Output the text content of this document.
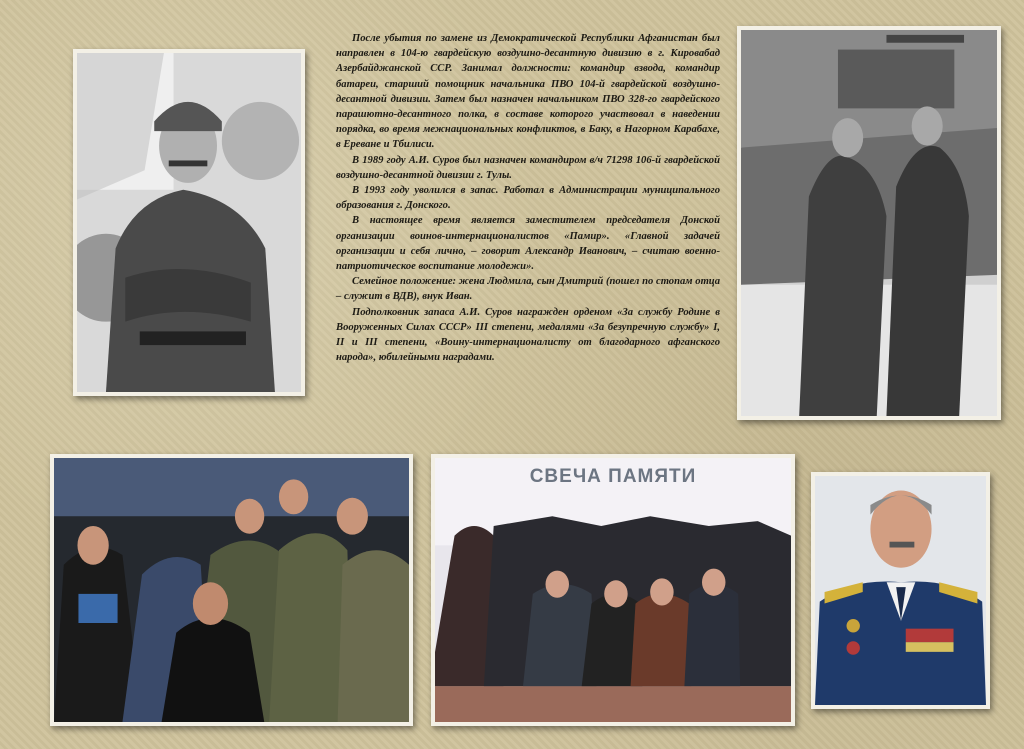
После убытия по замене из Демократической Республики Афганистан был направлен в 104-ю гвардейскую воздушно-десантную дивизию в г. Кировабад Азербайджанской ССР. Занимал должности: командир взвода, командир батареи, старший помощник начальника ПВО 104-й гвардейской воздушно-десантной дивизии. Затем был назначен начальником ПВО 328-го гвардейского парашютно-десантного полка, в составе которого участвовал в наведении порядка, во время межнациональных конфликтов, в Баку, в Нагорном Карабахе, в Ереване и Тбилиси.

В 1989 году А.И. Суров был назначен командиром в/ч 71298 106-й гвардейской воздушно-десантной дивизии г. Тулы.

В 1993 году уволился в запас. Работал в Администрации муниципального образования г. Донского.

В настоящее время является заместителем председателя Донской организации воинов-интернационалистов «Памир». «Главной задачей организации и себя лично, – говорит Александр Иванович, – считаю военно-патриотическое воспитание молодежи».

Семейное положение: жена Людмила, сын Дмитрий (пошел по стопам отца – служит в ВДВ), внук Иван.

Подполковник запаса А.И. Суров награжден орденом «За службу Родине в Вооруженных Силах СССР» III степени, медалями «За безупречную службу» I, II и III степени, «Воину-интернационалисту от благодарного афганского народа», юбилейными наградами.

СВЕЧА ПАМЯТИ
